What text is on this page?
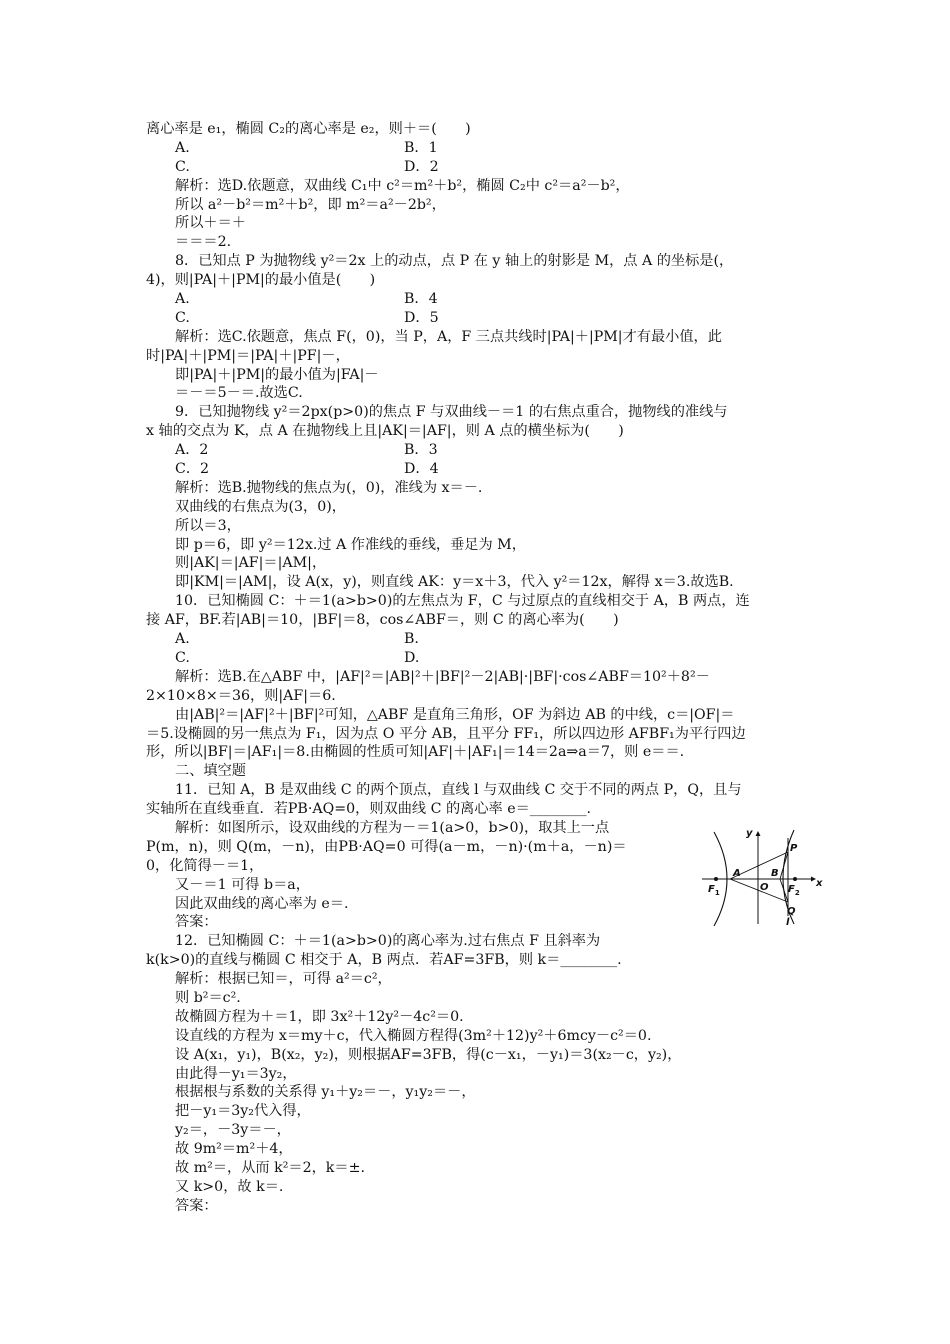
离心率是 e₁，椭圆 C₂的离心率是 e₂，则＋＝(　　)
A.	B．1
C.	D．2
解析：选D.依题意，双曲线 C₁中 c²＝m²＋b²，椭圆 C₂中 c²＝a²－b²，
所以 a²－b²＝m²＋b²，即 m²＝a²－2b²，
所以＋＝＋
＝＝＝2.
8．已知点 P 为抛物线 y²＝2x 上的动点，点 P 在 y 轴上的射影是 M，点 A 的坐标是(，
4)，则|PA|＋|PM|的最小值是(　　)
A.	B．4
C.	D．5
解析：选C.依题意，焦点 F(，0)，当 P，A，F 三点共线时|PA|＋|PM|才有最小值，此
时|PA|＋|PM|＝|PA|＋|PF|－，
即|PA|＋|PM|的最小值为|FA|－
＝－＝5－＝.故选C.
9．已知抛物线 y²＝2px(p>0)的焦点 F 与双曲线－＝1 的右焦点重合，抛物线的准线与
x 轴的交点为 K，点 A 在抛物线上且|AK|＝|AF|，则 A 点的横坐标为(　　)
A．2	B．3
C．2	D．4
解析：选B.抛物线的焦点为(，0)，准线为 x＝－.
双曲线的右焦点为(3，0)，
所以＝3，
即 p＝6，即 y²＝12x.过 A 作准线的垂线，垂足为 M，
则|AK|＝|AF|＝|AM|，
即|KM|＝|AM|，设 A(x，y)，则直线 AK：y＝x＋3，代入 y²＝12x，解得 x＝3.故选B.
10．已知椭圆 C：＋＝1(a>b>0)的左焦点为 F，C 与过原点的直线相交于 A，B 两点，连
接 AF，BF.若|AB|＝10，|BF|＝8，cos∠ABF＝，则 C 的离心率为(　　)
A.	B.
C.	D.
解析：选B.在△ABF 中，|AF|²＝|AB|²＋|BF|²－2|AB|·|BF|·cos∠ABF＝10²＋8²－
2×10×8×＝36，则|AF|＝6.
由|AB|²＝|AF|²＋|BF|²可知，△ABF 是直角三角形，OF 为斜边 AB 的中线，c＝|OF|＝
＝5.设椭圆的另一焦点为 F₁，因为点 O 平分 AB，且平分 FF₁，所以四边形 AFBF₁为平行四边
形，所以|BF|＝|AF₁|＝8.由椭圆的性质可知|AF|＋|AF₁|＝14＝2a⇒a＝7，则 e＝＝.
二、填空题
11．已知 A，B 是双曲线 C 的两个顶点，直线 l 与双曲线 C 交于不同的两点 P，Q，且与
实轴所在直线垂直．若PB·AQ=0，则双曲线 C 的离心率 e＝________.
解析：如图所示，设双曲线的方程为－＝1(a>0，b>0)，取其上一点
P(m，n)，则 Q(m，－n)，由PB·AQ=0 可得(a－m，－n)·(m＋a，－n)＝
0，化简得－＝1，
又－＝1 可得 b＝a，
因此双曲线的离心率为 e＝.
答案：
12．已知椭圆 C：＋＝1(a>b>0)的离心率为.过右焦点 F 且斜率为
k(k>0)的直线与椭圆 C 相交于 A，B 两点．若AF=3FB，则 k＝________.
解析：根据已知＝，可得 a²＝c²，
则 b²＝c².
故椭圆方程为＋＝1，即 3x²＋12y²－4c²＝0.
设直线的方程为 x＝my＋c，代入椭圆方程得(3m²＋12)y²＋6mcy－c²＝0.
设 A(x₁，y₁)，B(x₂，y₂)，则根据AF=3FB，得(c－x₁，－y₁)＝3(x₂－c，y₂)，
由此得－y₁＝3y₂，
根据根与系数的关系得 y₁＋y₂＝－，y₁y₂＝－，
把－y₁＝3y₂代入得，
y₂＝，－3y＝－，
故 9m²＝m²＋4，
故 m²＝，从而 k²＝2，k＝±.
又 k>0，故 k＝.
答案：
y
x
A
O
B
P
Q
l
$F_1$	$F_2$
